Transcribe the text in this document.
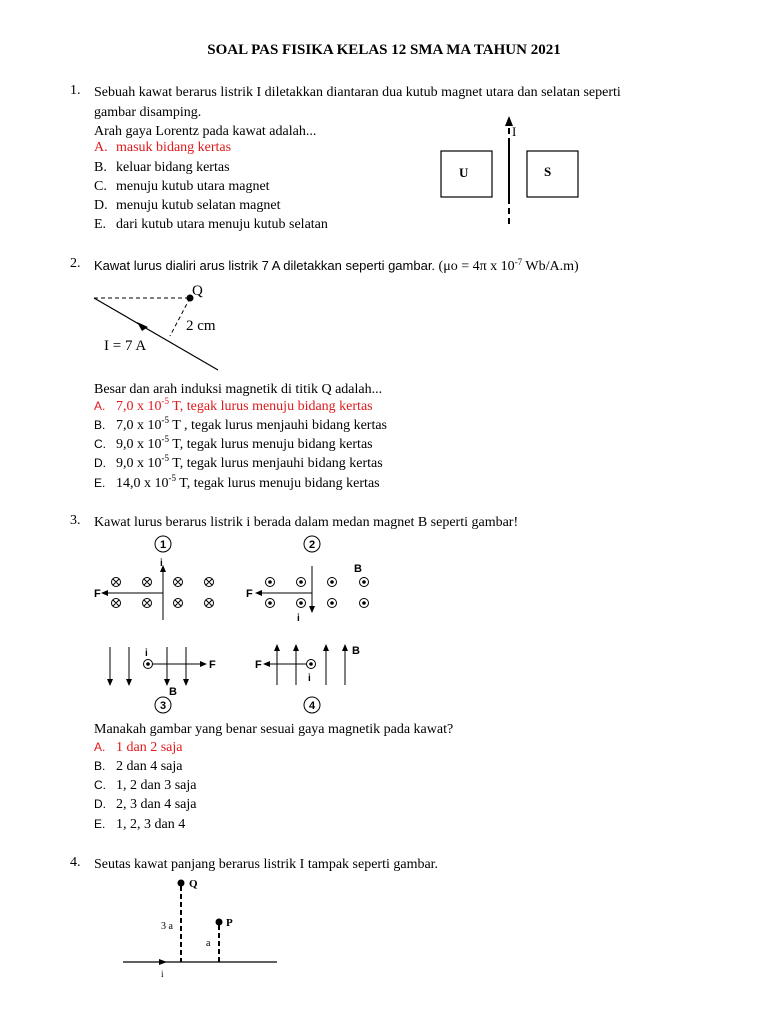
SOAL PAS FISIKA KELAS 12 SMA MA TAHUN 2021
1. Sebuah kawat berarus listrik I diletakkan diantaran dua kutub magnet utara dan selatan seperti
gambar disamping.
Arah gaya Lorentz pada kawat adalah...
A. masuk bidang kertas
B. keluar bidang kertas
C. menuju kutub utara magnet
D. menuju kutub selatan magnet
E. dari kutub utara menuju kutub selatan
I
U	S
2. Kawat lurus dialiri arus listrik 7 A diletakkan seperti gambar. (μo = 4π x $10^{-7}$ Wb/A.m)
Q
2 cm
I = 7 A
Besar dan arah induksi magnetik di titik Q adalah...
A. 7,0 x $10^{-5}$ T, tegak lurus menuju bidang kertas
B. 7,0 x $10^{-5}$ T , tegak lurus menjauhi bidang kertas
C. 9,0 x $10^{-5}$ T, tegak lurus menuju bidang kertas
D. 9,0 x $10^{-5}$ T, tegak lurus menjauhi bidang kertas
E. 14,0 x $10^{-5}$ T, tegak lurus menuju bidang kertas
3. Kawat lurus berarus listrik i berada dalam medan magnet B seperti gambar!
1	2
3	4
i
F
B
i
F
i
F
B
F
i
B
Manakah gambar yang benar sesuai gaya magnetik pada kawat?
A. 1 dan 2 saja
B. 2 dan 4 saja
C. 1, 2 dan 3 saja
D. 2, 3 dan 4 saja
E. 1, 2, 3 dan 4
4. Seutas kawat panjang berarus listrik I tampak seperti gambar.
Q
3 a	P
a
i
